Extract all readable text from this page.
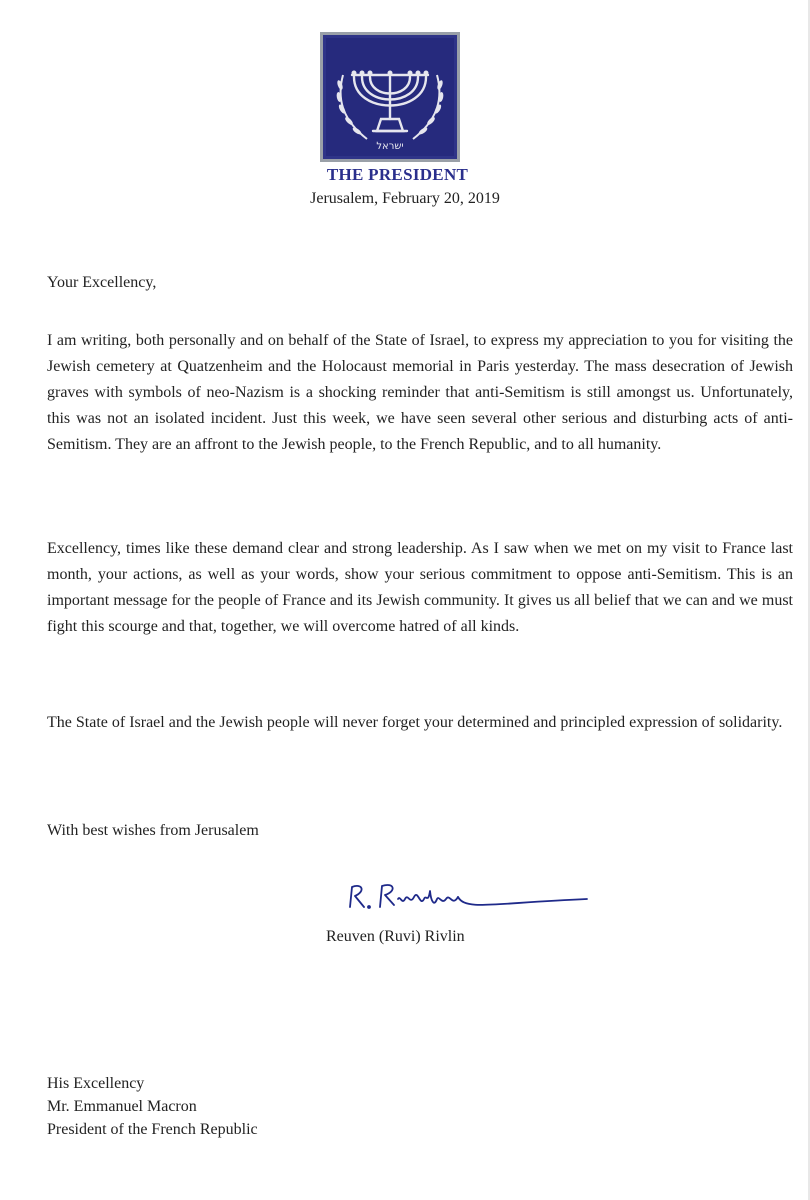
ישראל
THE PRESIDENT
Jerusalem, February 20, 2019
Your Excellency,

I am writing, both personally and on behalf of the State of Israel, to express my appreciation to you for visiting the Jewish cemetery at Quatzenheim and the Holocaust memorial in Paris yesterday. The mass desecration of Jewish graves with symbols of neo-Nazism is a shocking reminder that anti-Semitism is still amongst us. Unfortunately, this was not an isolated incident. Just this week, we have seen several other serious and disturbing acts of anti-Semitism. They are an affront to the Jewish people, to the French Republic, and to all humanity.

Excellency, times like these demand clear and strong leadership. As I saw when we met on my visit to France last month, your actions, as well as your words, show your serious commitment to oppose anti-Semitism. This is an important message for the people of France and its Jewish community. It gives us all belief that we can and we must fight this scourge and that, together, we will overcome hatred of all kinds.

The State of Israel and the Jewish people will never forget your determined and principled expression of solidarity.

With best wishes from Jerusalem
Reuven (Ruvi) Rivlin
His Excellency
Mr. Emmanuel Macron
President of the French Republic
